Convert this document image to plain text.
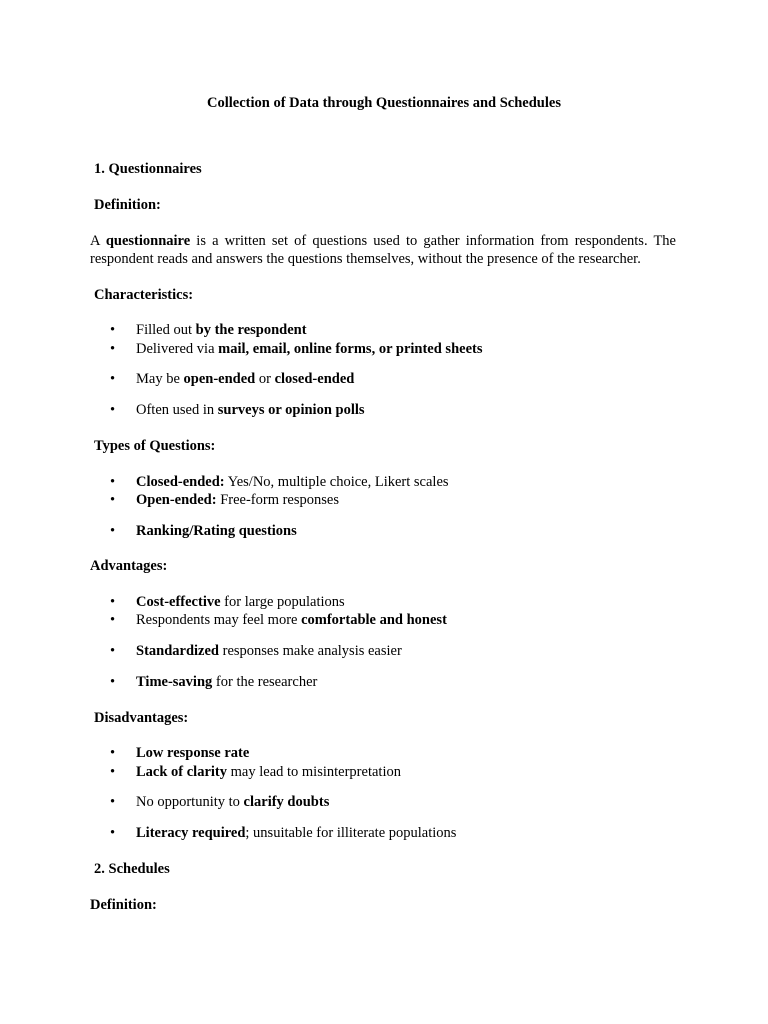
Collection of Data through Questionnaires and Schedules
1. Questionnaires
Definition:
A questionnaire is a written set of questions used to gather information from respondents. The respondent reads and answers the questions themselves, without the presence of the researcher.
Characteristics:
• Filled out by the respondent
• Delivered via mail, email, online forms, or printed sheets
• May be open-ended or closed-ended
• Often used in surveys or opinion polls
Types of Questions:
• Closed-ended: Yes/No, multiple choice, Likert scales
• Open-ended: Free-form responses
• Ranking/Rating questions
Advantages:
• Cost-effective for large populations
• Respondents may feel more comfortable and honest
• Standardized responses make analysis easier
• Time-saving for the researcher
Disadvantages:
• Low response rate
• Lack of clarity may lead to misinterpretation
• No opportunity to clarify doubts
• Literacy required; unsuitable for illiterate populations
2. Schedules
Definition:
